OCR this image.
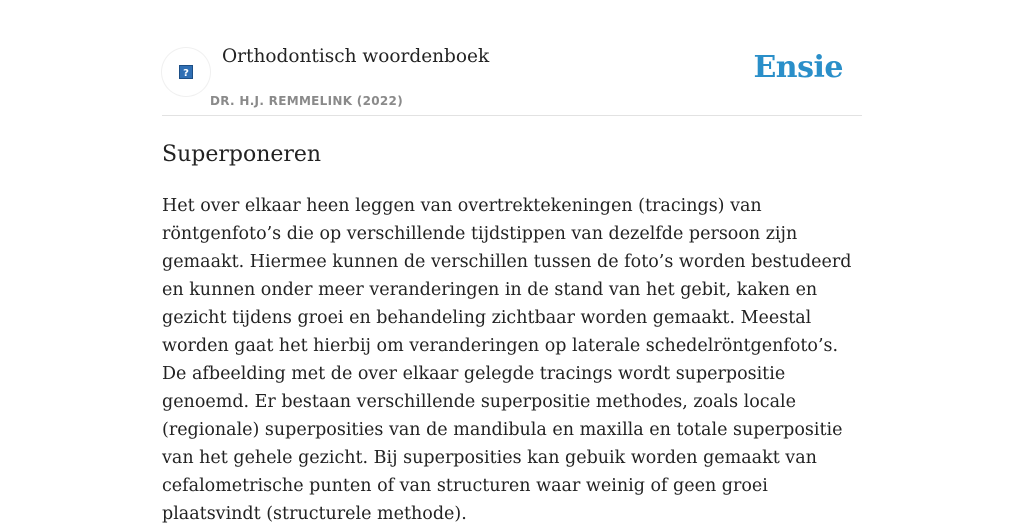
?
Orthodontisch woordenboek
DR. H.J. REMMELINK (2022)
Ensie
Superponeren

Het over elkaar heen leggen van overtrektekeningen (tracings) van röntgenfoto’s die op verschillende tijdstippen van dezelfde persoon zijn gemaakt. Hiermee kunnen de verschillen tussen de foto’s worden bestudeerd en kunnen onder meer veranderingen in de stand van het gebit, kaken en gezicht tijdens groei en behandeling zichtbaar worden gemaakt. Meestal worden gaat het hierbij om veranderingen op laterale schedelröntgenfoto’s. De afbeelding met de over elkaar gelegde tracings wordt superpositie genoemd. Er bestaan verschillende superpositie methodes, zoals locale (regionale) superposities van de mandibula en maxilla en totale superpositie van het gehele gezicht. Bij superposities kan gebuik worden gemaakt van cefalometrische punten of van structuren waar weinig of geen groei plaatsvindt (structurele methode).
